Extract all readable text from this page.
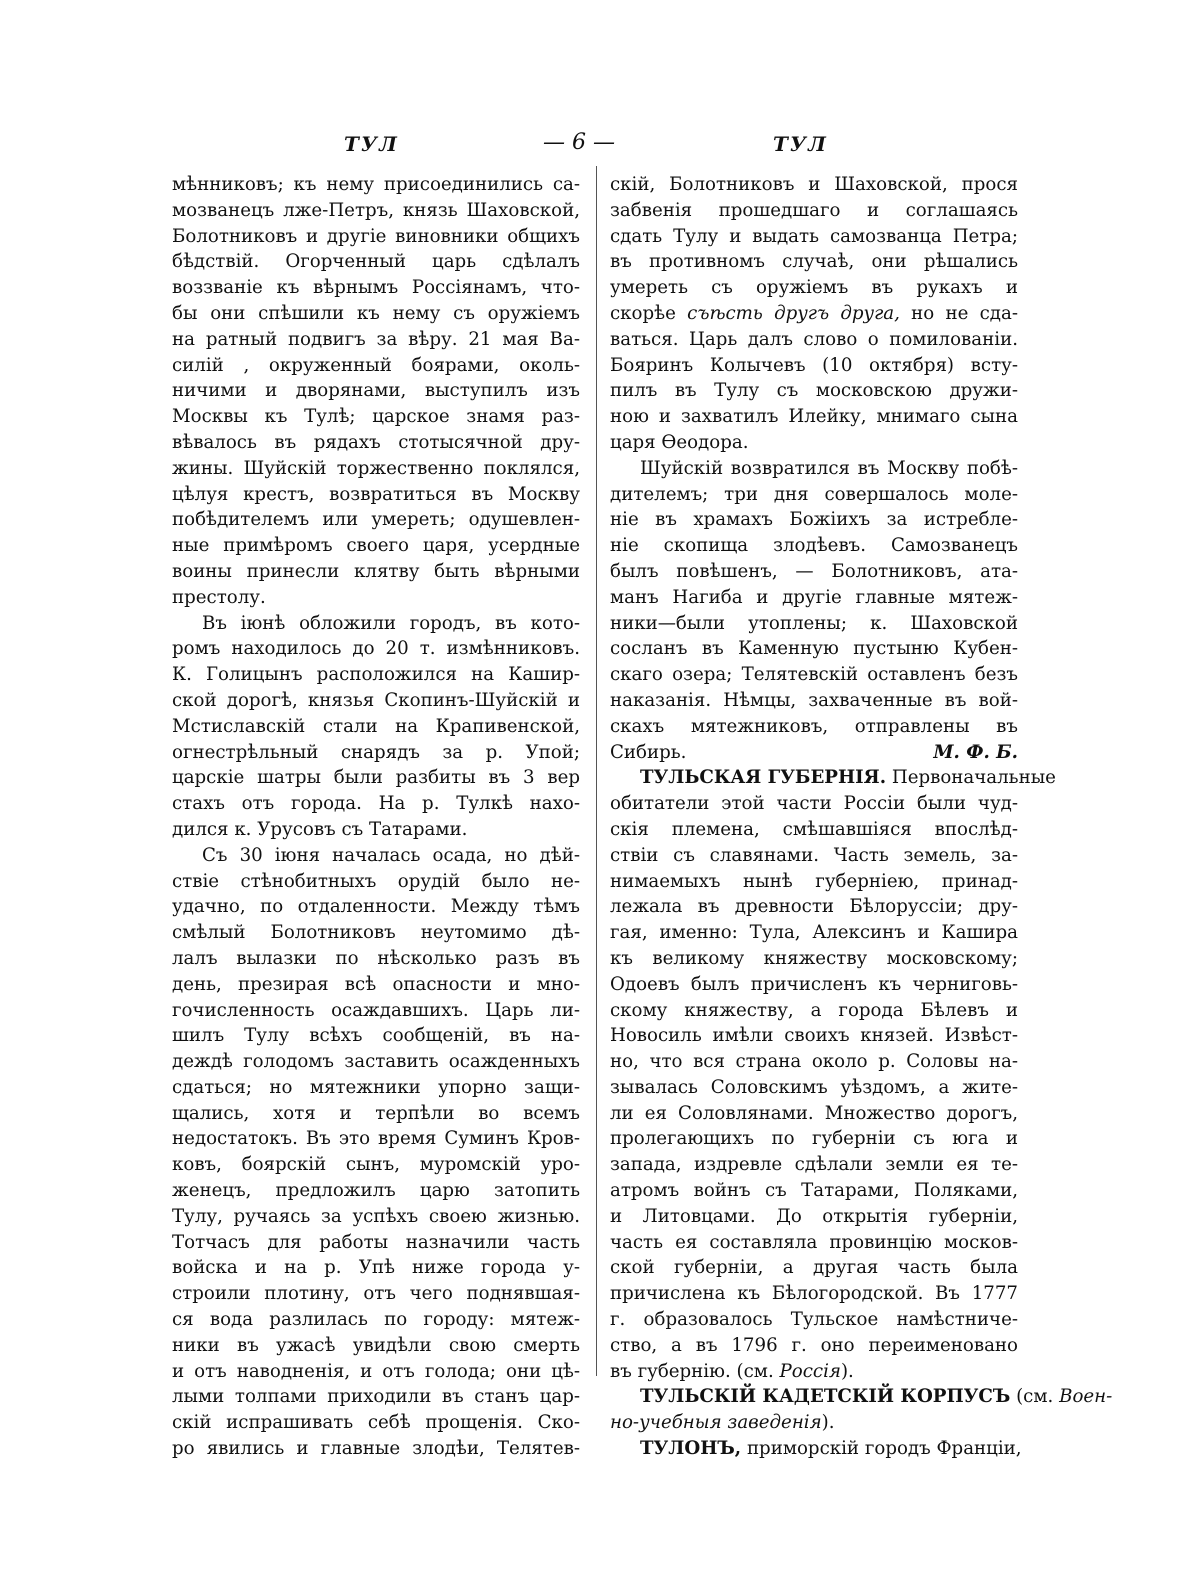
ТУЛ	— 6 —	ТУЛ
мѣнниковъ; къ нему присоединились са-
мозванецъ лже-Петръ, князь Шаховской,
Болотниковъ и другіе виновники общихъ
бѣдствій. Огорченный царь сдѣлалъ
воззваніе къ вѣрнымъ Россіянамъ, что-
бы они спѣшили къ нему съ оружіемъ
на ратный подвигъ за вѣру. 21 мая Ва-
силій , окруженный боярами, околь-
ничими и дворянами, выступилъ изъ
Москвы къ Тулѣ; царское знамя раз-
вѣвалось въ рядахъ стотысячной дру-
жины. Шуйскій торжественно поклялся,
цѣлуя крестъ, возвратиться въ Москву
побѣдителемъ или умереть; одушевлен-
ные примѣромъ своего царя, усердные
воины принесли клятву быть вѣрными
престолу.
Въ іюнѣ обложили городъ, въ кото-
ромъ находилось до 20 т. измѣнниковъ.
К. Голицынъ расположился на Кашир-
ской дорогѣ, князья Скопинъ-Шуйскій и
Мстиславскій стали на Крапивенской,
огнестрѣльный снарядъ за р. Упой;
царскіе шатры были разбиты въ 3 вер
стахъ отъ города. На р. Тулкѣ нахо-
дился к. Урусовъ съ Татарами.
Съ 30 іюня началась осада, но дѣй-
ствіе стѣнобитныхъ орудій было не-
удачно, по отдаленности. Между тѣмъ
смѣлый Болотниковъ неутомимо дѣ-
лалъ вылазки по нѣсколько разъ въ
день, презирая всѣ опасности и мно-
гочисленность осаждавшихъ. Царь ли-
шилъ Тулу всѣхъ сообщеній, въ на-
деждѣ голодомъ заставить осажденныхъ
сдаться; но мятежники упорно защи-
щались, хотя и терпѣли во всемъ
недостатокъ. Въ это время Суминъ Кров-
ковъ, боярскій сынъ, муромскій уро-
женецъ, предложилъ царю затопить
Тулу, ручаясь за успѣхъ своею жизнью.
Тотчасъ для работы назначили часть
войска и на р. Упѣ ниже города у-
строили плотину, отъ чего поднявшая-
ся вода разлилась по городу: мятеж-
ники въ ужасѣ увидѣли свою смерть
и отъ наводненія, и отъ голода; они цѣ-
лыми толпами приходили въ станъ цар-
скій испрашивать себѣ прощенія. Ско-
ро явились и главные злодѣи, Телятев-
скій, Болотниковъ и Шаховской, прося
забвенія прошедшаго и соглашаясь
сдать Тулу и выдать самозванца Петра;
въ противномъ случаѣ, они рѣшались
умереть съ оружіемъ въ рукахъ и
скорѣе съѣсть другъ друга, но не сда-
ваться. Царь далъ слово о помилованіи.
Бояринъ Колычевъ (10 октября) всту-
пилъ въ Тулу съ московскою дружи-
ною и захватилъ Илейку, мнимаго сына
царя Ѳеодора.
Шуйскій возвратился въ Москву побѣ-
дителемъ; три дня совершалось моле-
ніе въ храмахъ Божіихъ за истребле-
ніе скопища злодѣевъ. Самозванецъ
былъ повѣшенъ, — Болотниковъ, ата-
манъ Нагиба и другіе главные мятеж-
ники—были утоплены; к. Шаховской
сосланъ въ Каменную пустыню Кубен-
скаго озера; Телятевскій оставленъ безъ
наказанія. Нѣмцы, захваченные въ вой-
скахъ мятежниковъ, отправлены въ
Сибирь.	М. Ф. Б.
ТУЛЬСКАЯ ГУБЕРНІЯ. Первоначальные
обитатели этой части Россіи были чуд-
скія племена, смѣшавшіяся впослѣд-
ствіи съ славянами. Часть земель, за-
нимаемыхъ нынѣ губерніею, принад-
лежала въ древности Бѣлоруссіи; дру-
гая, именно: Тула, Алексинъ и Кашира
къ великому княжеству московскому;
Одоевъ былъ причисленъ къ черниговь-
скому княжеству, а города Бѣлевъ и
Новосиль имѣли своихъ князей. Извѣст-
но, что вся страна около р. Соловы на-
зывалась Соловскимъ уѣздомъ, а жите-
ли ея Соловлянами. Множество дорогъ,
пролегающихъ по губерніи съ юга и
запада, издревле сдѣлали земли ея те-
атромъ войнъ съ Татарами, Поляками,
и Литовцами. До открытія губерніи,
часть ея составляла провинцію москов-
ской губерніи, а другая часть была
причислена къ Бѣлогородской. Въ 1777
г. образовалось Тульское намѣстниче-
ство, а въ 1796 г. оно переименовано
въ губернію. (см. Россія).
ТУЛЬСКІЙ КАДЕТСКІЙ КОРПУСЪ (см. Воен-
но-учебныя заведенія).
ТУЛОНЪ, приморскій городъ Франціи,
